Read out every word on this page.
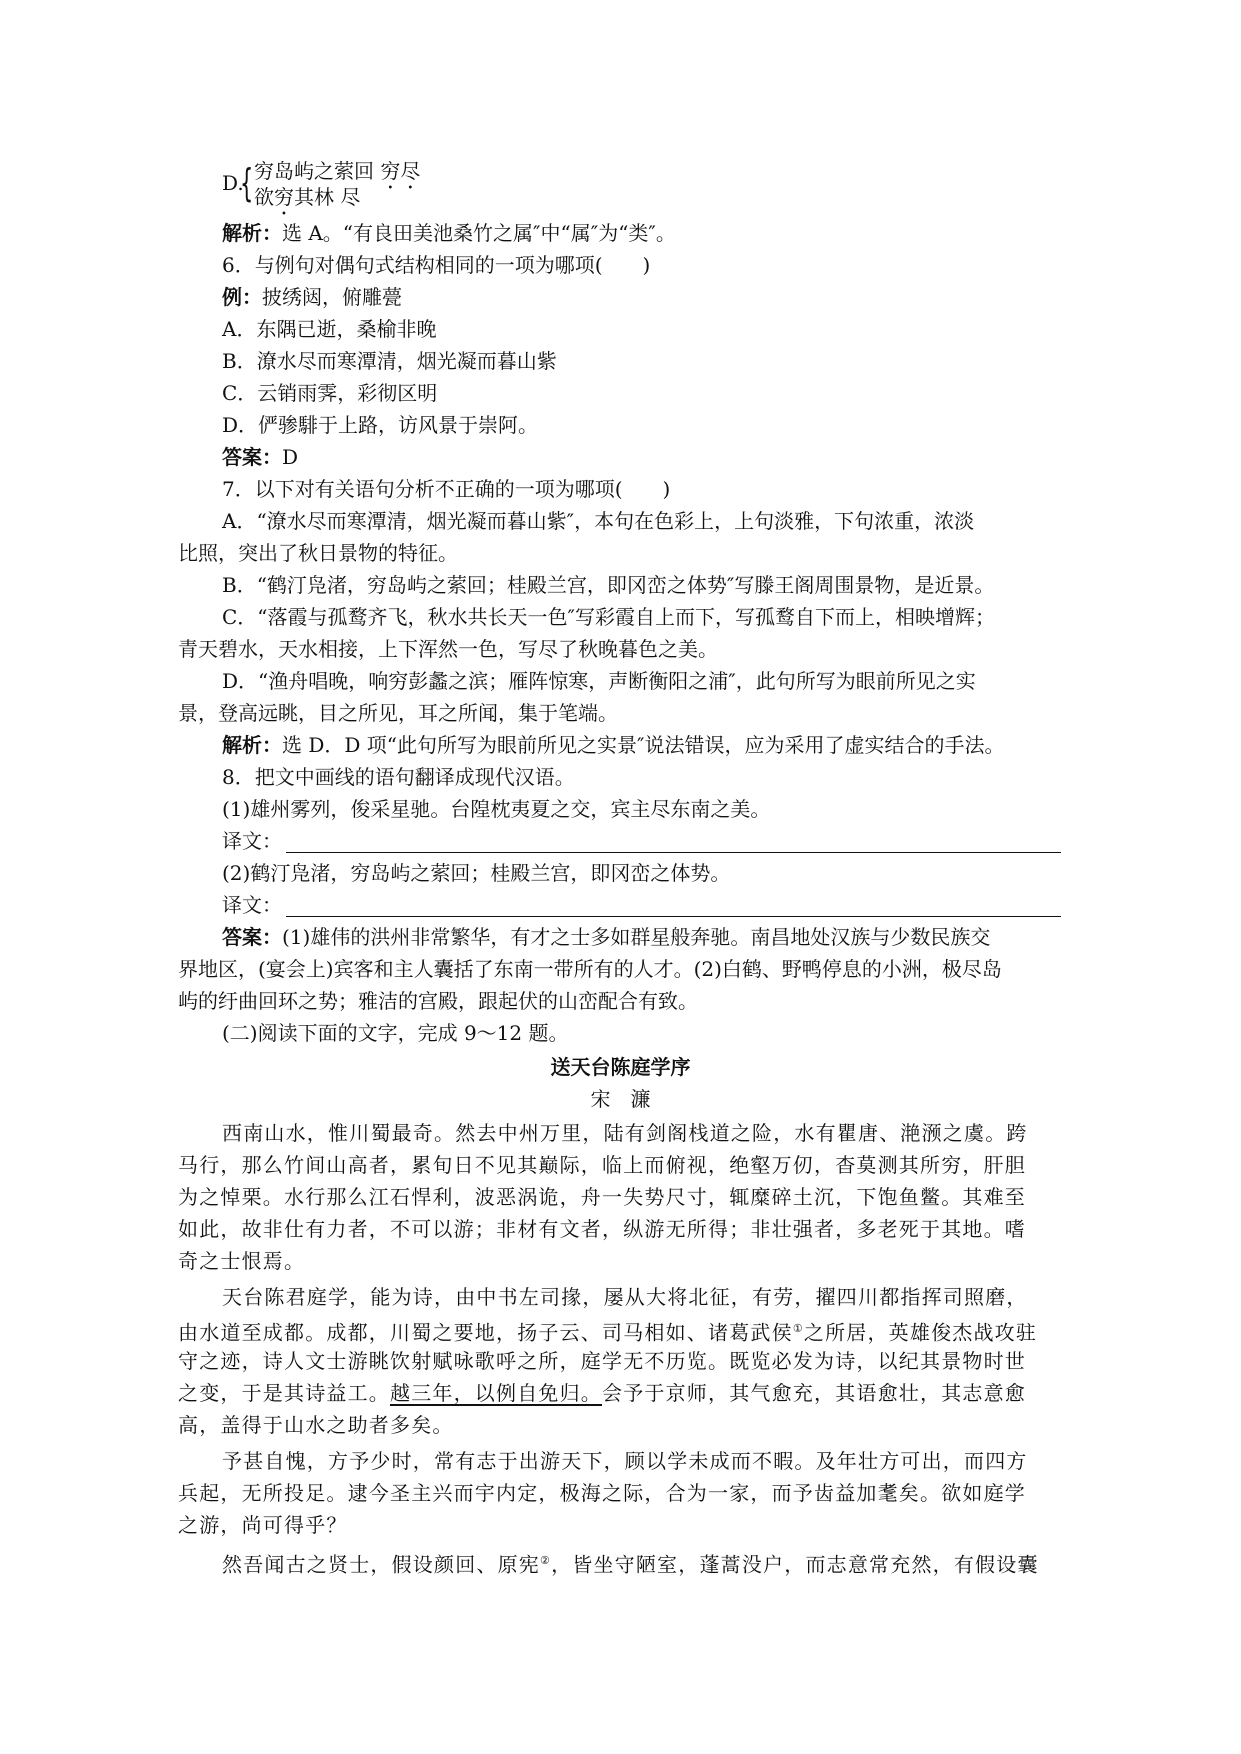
D.
{ 穷岛屿之萦回 穷尽
欲穷其林 尽
解析：选 A。“有良田美池桑竹之属″中“属″为“类″。
6．与例句对偶句式结构相同的一项为哪项(　　)
例：披绣闼，俯雕甍
A．东隅已逝，桑榆非晚
B．潦水尽而寒潭清，烟光凝而暮山紫
C．云销雨霁，彩彻区明
D．俨骖騑于上路，访风景于崇阿。
答案：D
7．以下对有关语句分析不正确的一项为哪项(　　)
A．“潦水尽而寒潭清，烟光凝而暮山紫″，本句在色彩上，上句淡雅，下句浓重，浓淡
比照，突出了秋日景物的特征。
B．“鹤汀凫渚，穷岛屿之萦回；桂殿兰宫，即冈峦之体势″写滕王阁周围景物，是近景。
C．“落霞与孤鹜齐飞，秋水共长天一色″写彩霞自上而下，写孤鹜自下而上，相映增辉；
青天碧水，天水相接，上下浑然一色，写尽了秋晚暮色之美。
D．“渔舟唱晚，响穷彭蠡之滨；雁阵惊寒，声断衡阳之浦″，此句所写为眼前所见之实
景，登高远眺，目之所见，耳之所闻，集于笔端。
解析：选 D．D 项“此句所写为眼前所见之实景″说法错误，应为采用了虚实结合的手法。
8．把文中画线的语句翻译成现代汉语。
(1)雄州雾列，俊采星驰。台隍枕夷夏之交，宾主尽东南之美。
译文：
(2)鹤汀凫渚，穷岛屿之萦回；桂殿兰宫，即冈峦之体势。
译文：
答案：(1)雄伟的洪州非常繁华，有才之士多如群星般奔驰。南昌地处汉族与少数民族交
界地区，(宴会上)宾客和主人囊括了东南一带所有的人才。(2)白鹤、野鸭停息的小洲，极尽岛
屿的纡曲回环之势；雅洁的宫殿，跟起伏的山峦配合有致。
(二)阅读下面的文字，完成 9～12 题。
送天台陈庭学序
宋　濂
西南山水，惟川蜀最奇。然去中州万里，陆有剑阁栈道之险，水有瞿唐、滟滪之虞。跨
马行，那么竹间山高者，累旬日不见其巅际，临上而俯视，绝壑万仞，杳莫测其所穷，肝胆
为之悼栗。水行那么江石悍利，波恶涡诡，舟一失势尺寸，辄糜碎土沉，下饱鱼鳖。其难至
如此，故非仕有力者，不可以游；非材有文者，纵游无所得；非壮强者，多老死于其地。嗜
奇之士恨焉。
天台陈君庭学，能为诗，由中书左司掾，屡从大将北征，有劳，擢四川都指挥司照磨，
由水道至成都。成都，川蜀之要地，扬子云、司马相如、诸葛武侯①之所居，英雄俊杰战攻驻
守之迹，诗人文士游眺饮射赋咏歌呼之所，庭学无不历览。既览必发为诗，以纪其景物时世
之变，于是其诗益工。越三年，以例自免归。会予于京师，其气愈充，其语愈壮，其志意愈
高，盖得于山水之助者多矣。
予甚自愧，方予少时，常有志于出游天下，顾以学未成而不暇。及年壮方可出，而四方
兵起，无所投足。逮今圣主兴而宇内定，极海之际，合为一家，而予齿益加耄矣。欲如庭学
之游，尚可得乎？
然吾闻古之贤士，假设颜回、原宪②，皆坐守陋室，蓬蒿没户，而志意常充然，有假设囊
